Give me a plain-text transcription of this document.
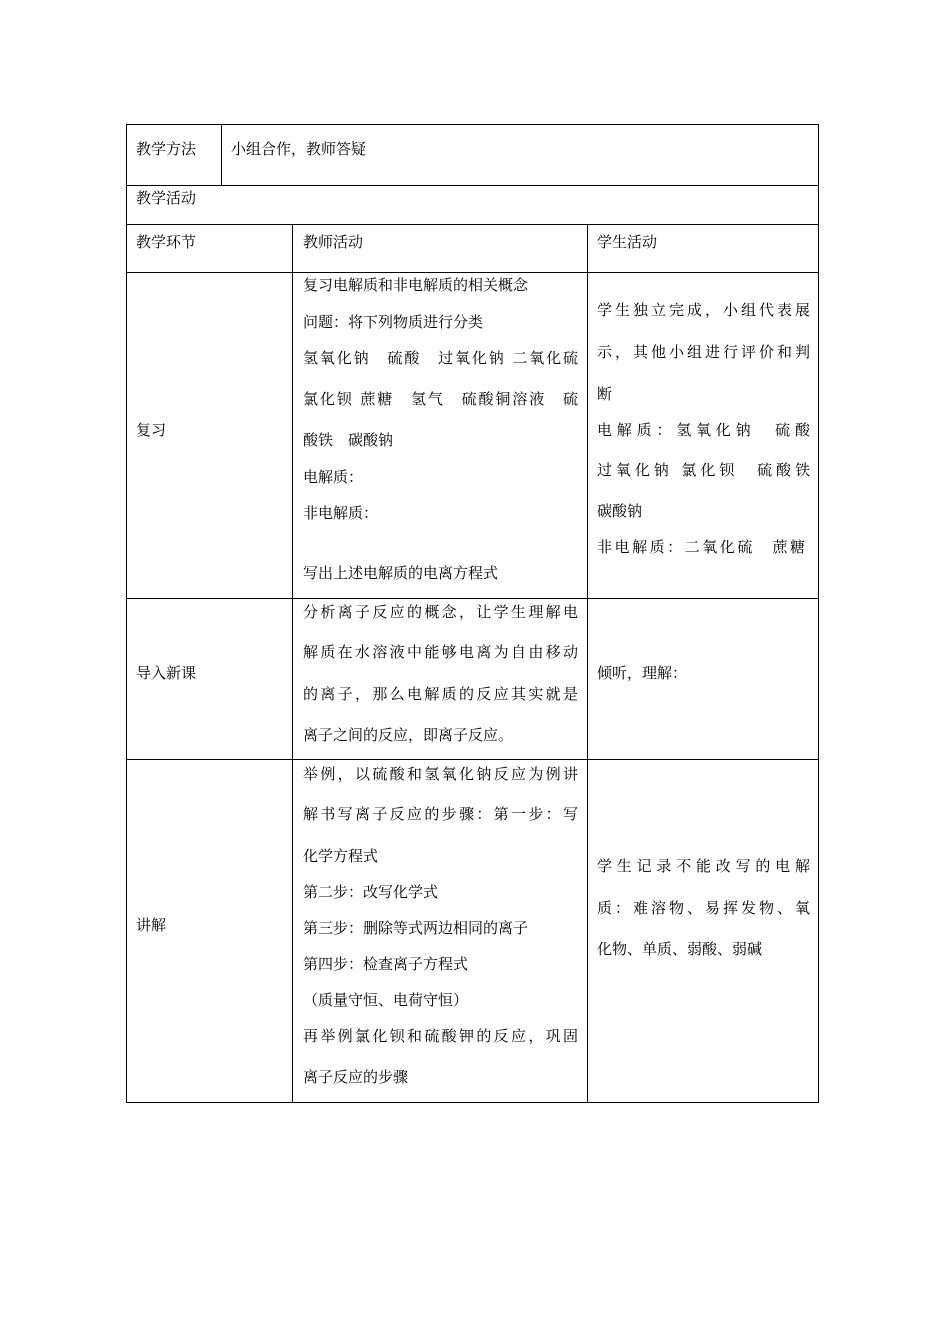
教学方法 小组合作，教师答疑
教学活动
教学环节	教师活动	学生活动
复习
复习电解质和非电解质的相关概念
问题：将下列物质进行分类
氢氧化钠　硫酸　过氧化钠 二氧化硫
氯化钡 蔗糖　氢气　硫酸铜溶液　硫
酸铁　碳酸钠
电解质：
非电解质：
写出上述电解质的电离方程式
学生独立完成，小组代表展
示，其他小组进行评价和判
断
电解质：氢氧化钠　硫酸
过氧化钠 氯化钡　硫酸铁
碳酸钠
非电解质：二氧化硫　蔗糖
导入新课
分析离子反应的概念，让学生理解电
解质在水溶液中能够电离为自由移动
的离子，那么电解质的反应其实就是
离子之间的反应，即离子反应。
倾听，理解：
讲解
举例，以硫酸和氢氧化钠反应为例讲
解书写离子反应的步骤：第一步：写
化学方程式
第二步：改写化学式
第三步：删除等式两边相同的离子
第四步：检查离子方程式
（质量守恒、电荷守恒）
再举例氯化钡和硫酸钾的反应，巩固
离子反应的步骤
学生记录不能改写的电解
质：难溶物、易挥发物、氧
化物、单质、弱酸、弱碱
